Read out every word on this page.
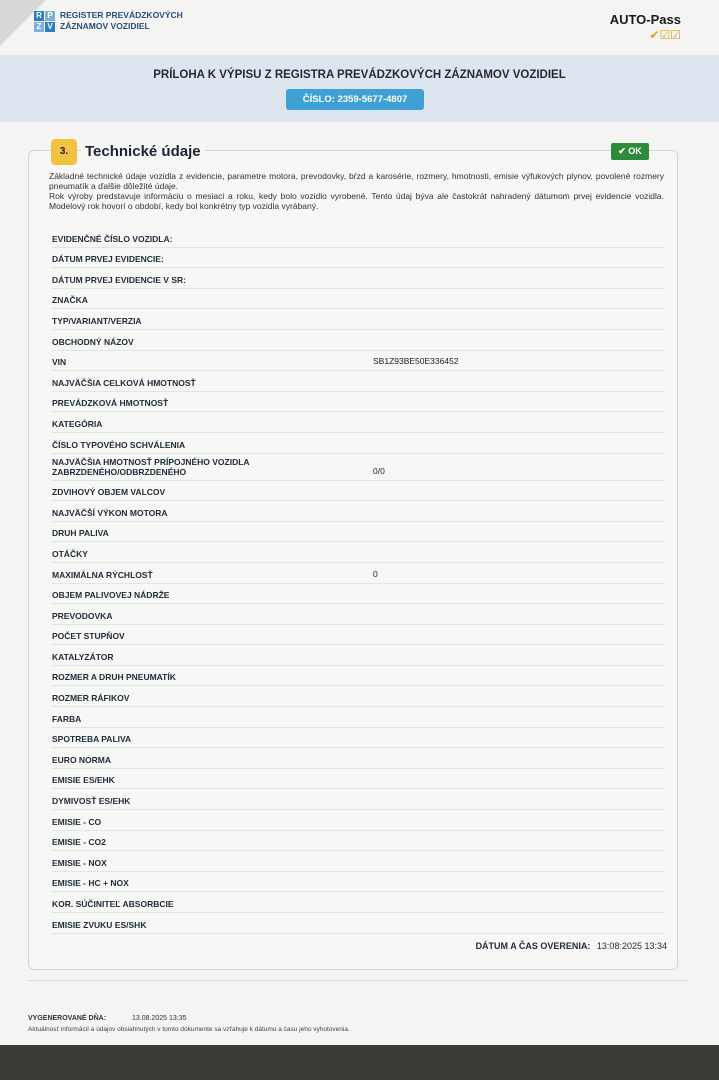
R P
Z V
REGISTER PREVÁDZKOVÝCH ZÁZNAMOV VOZIDIEL	AUTO-Pass
✔☑☑
PRÍLOHA K VÝPISU Z REGISTRA PREVÁDZKOVÝCH ZÁZNAMOV VOZIDIEL
ČÍSLO: 2359-5677-4807
3.	Technické údaje	✔ OK

Základné technické údaje vozidla z evidencie, parametre motora, prevodovky, bŕzd a karosérie, rozmery, hmotnosti, emisie výfukových plynov, povolené rozmery pneumatík a ďalšie dôležité údaje.

Rok výroby predstavuje informáciu o mesiaci a roku, kedy bolo vozidlo vyrobené. Tento údaj býva ale častokrát nahradený dátumom prvej evidencie vozidla. Modelový rok hovorí o období, kedy bol konkrétny typ vozidla vyrábaný.

EVIDENČNÉ ČÍSLO VOZIDLA:
DÁTUM PRVEJ EVIDENCIE:
DÁTUM PRVEJ EVIDENCIE V SR:
ZNAČKA
TYP/VARIANT/VERZIA
OBCHODNÝ NÁZOV
VIN	SB1Z93BE50E336452
NAJVÄČŠIA CELKOVÁ HMOTNOSŤ
PREVÁDZKOVÁ HMOTNOSŤ
KATEGÓRIA
ČÍSLO TYPOVÉHO SCHVÁLENIA
NAJVÄČŠIA HMOTNOSŤ PRÍPOJNÉHO VOZIDLA ZABRZDENÉHO/ODBRZDENÉHO	0/0
ZDVIHOVÝ OBJEM VALCOV
NAJVÄČŠÍ VÝKON MOTORA
DRUH PALIVA
OTÁČKY
MAXIMÁLNA RÝCHLOSŤ	0
OBJEM PALIVOVEJ NÁDRŽE
PREVODOVKA
POČET STUPŇOV
KATALYZÁTOR
ROZMER A DRUH PNEUMATÍK
ROZMER RÁFIKOV
FARBA
SPOTREBA PALIVA
EURO NORMA
EMISIE ES/EHK
DYMIVOSŤ ES/EHK
EMISIE - CO
EMISIE - CO2
EMISIE - NOX
EMISIE - HC + NOX
KOR. SÚČINITEĽ ABSORBCIE
EMISIE ZVUKU ES/SHK
DÁTUM A ČAS OVERENIA: 13:08:2025 13:34
VYGENEROVANÉ DŇA:	13.08.2025 13:35
Aktuálnosť informácií a údajov obsiahnutých v tomto dokumente sa vzťahuje k dátumu a času jeho vyhotovenia.
